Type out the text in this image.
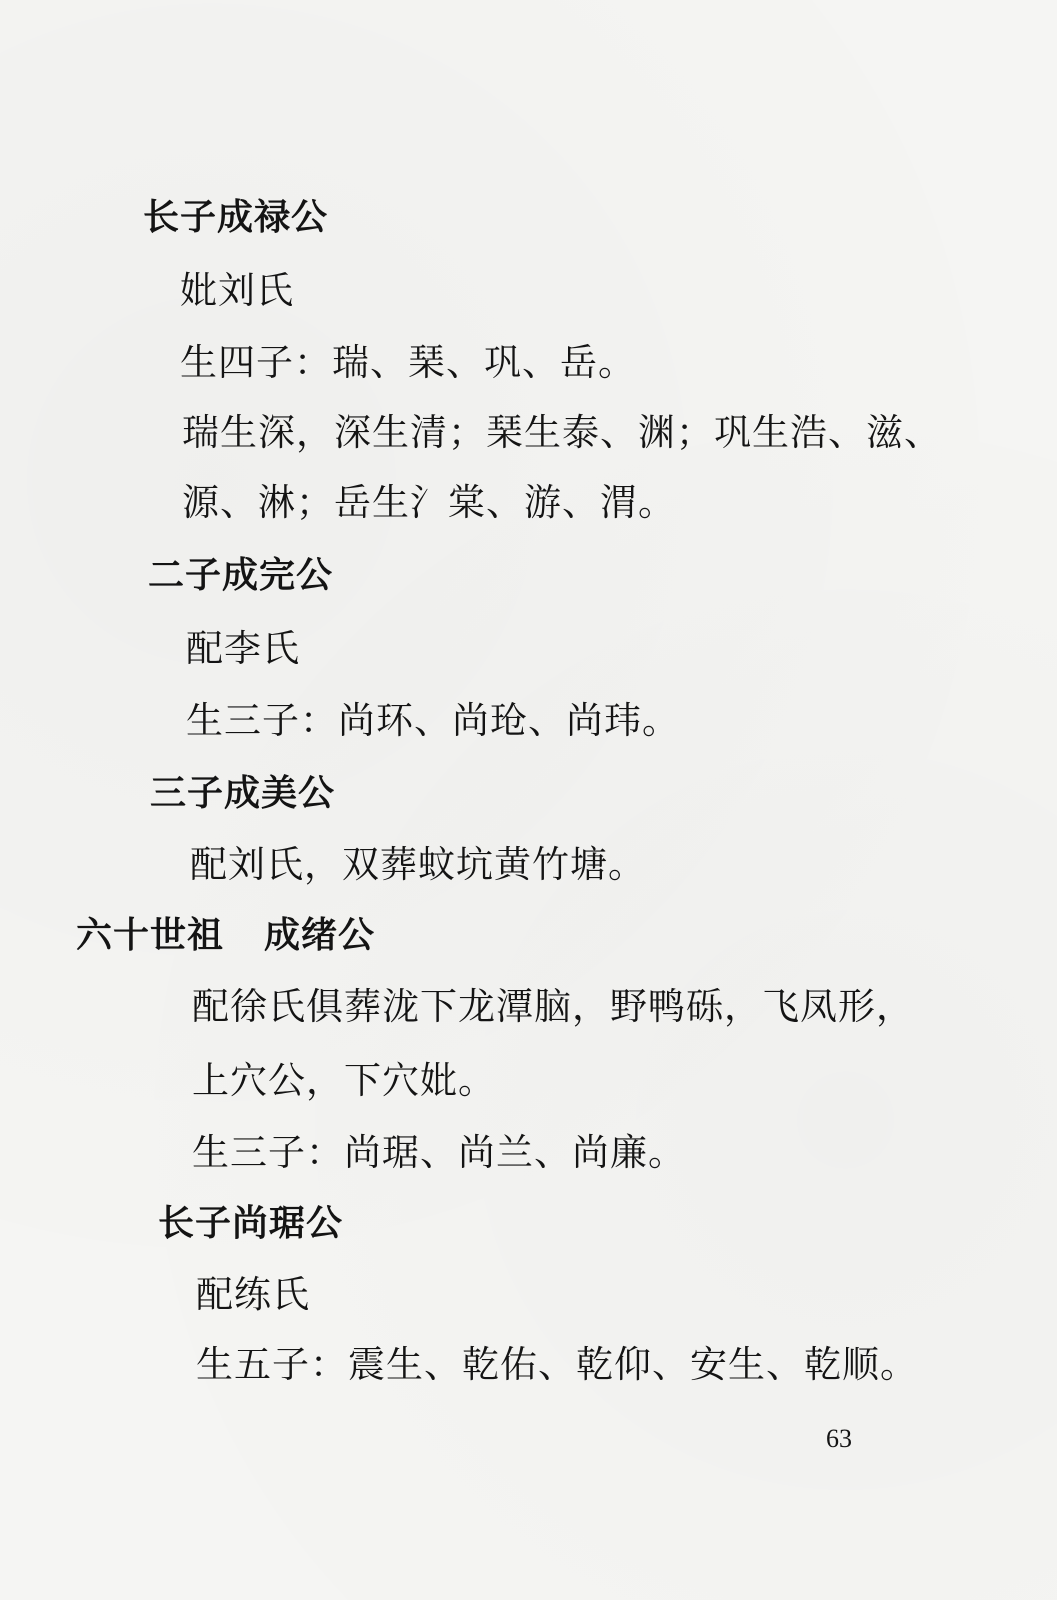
长子成禄公
妣刘氏
生四子：瑞、琹、巩、岳。
瑞生深，深生清；琹生泰、渊；巩生浩、滋、
源、淋；岳生氵棠、游、渭。
二子成完公
配李氏
生三子：尚环、尚玱、尚玮。
三子成美公
配刘氏，双葬蚊坑黄竹塘。
六十世祖 成绪公
配徐氏俱葬泷下龙潭脑，野鸭砾，飞凤形，
上穴公，下穴妣。
生三子：尚琚、尚兰、尚廉。
长子尚琚公
配练氏
生五子：震生、乾佑、乾仰、安生、乾顺。
63
